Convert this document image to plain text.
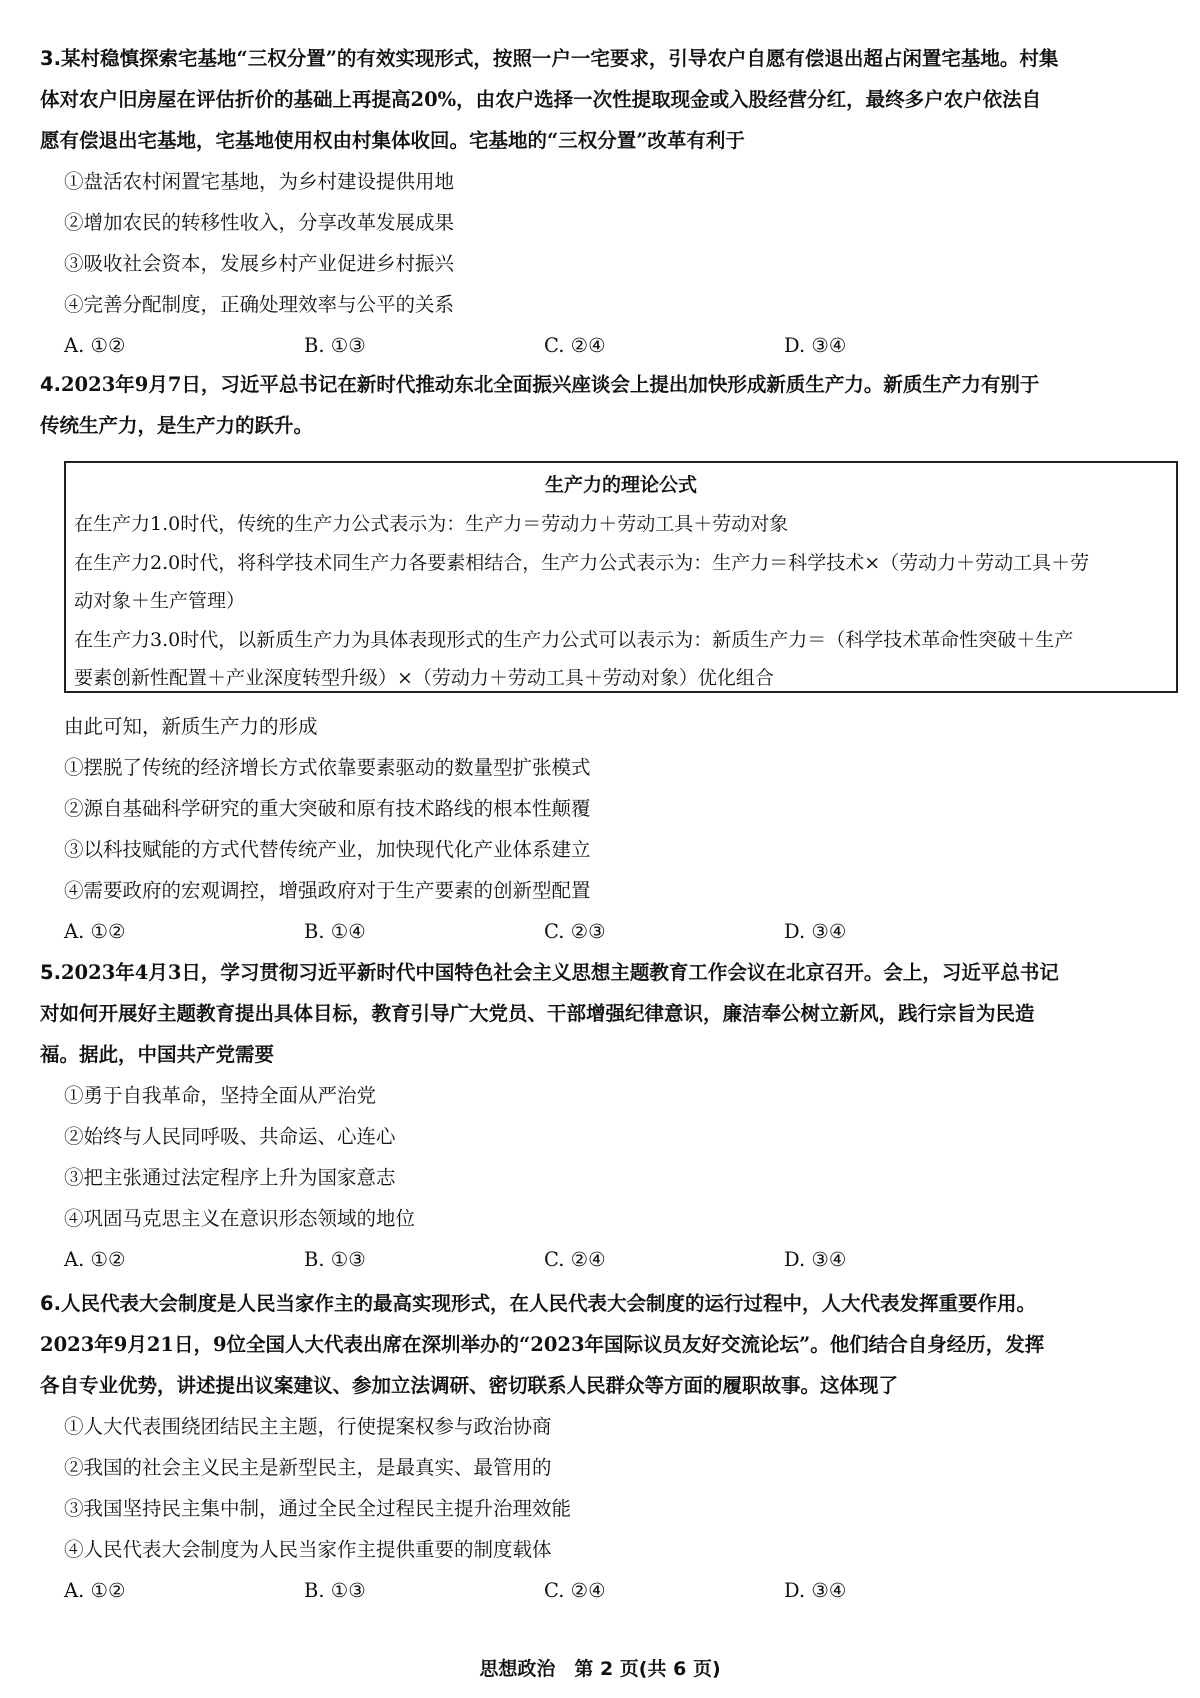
3.某村稳慎探索宅基地“三权分置”的有效实现形式，按照一户一宅要求，引导农户自愿有偿退出超占闲置宅基地。村集
体对农户旧房屋在评估折价的基础上再提高20%，由农户选择一次性提取现金或入股经营分红，最终多户农户依法自
愿有偿退出宅基地，宅基地使用权由村集体收回。宅基地的“三权分置”改革有利于
①盘活农村闲置宅基地，为乡村建设提供用地
②增加农民的转移性收入，分享改革发展成果
③吸收社会资本，发展乡村产业促进乡村振兴
④完善分配制度，正确处理效率与公平的关系
A. ①②	B. ①③	C. ②④	D. ③④
4.2023年9月7日，习近平总书记在新时代推动东北全面振兴座谈会上提出加快形成新质生产力。新质生产力有别于
传统生产力，是生产力的跃升。
生产力的理论公式
在生产力1.0时代，传统的生产力公式表示为：生产力＝劳动力＋劳动工具＋劳动对象
在生产力2.0时代，将科学技术同生产力各要素相结合，生产力公式表示为：生产力＝科学技术×（劳动力＋劳动工具＋劳
动对象＋生产管理）
在生产力3.0时代，以新质生产力为具体表现形式的生产力公式可以表示为：新质生产力＝（科学技术革命性突破＋生产
要素创新性配置＋产业深度转型升级）×（劳动力＋劳动工具＋劳动对象）优化组合
由此可知，新质生产力的形成
①摆脱了传统的经济增长方式依靠要素驱动的数量型扩张模式
②源自基础科学研究的重大突破和原有技术路线的根本性颠覆
③以科技赋能的方式代替传统产业，加快现代化产业体系建立
④需要政府的宏观调控，增强政府对于生产要素的创新型配置
A. ①②	B. ①④	C. ②③	D. ③④
5.2023年4月3日，学习贯彻习近平新时代中国特色社会主义思想主题教育工作会议在北京召开。会上，习近平总书记
对如何开展好主题教育提出具体目标，教育引导广大党员、干部增强纪律意识，廉洁奉公树立新风，践行宗旨为民造
福。据此，中国共产党需要
①勇于自我革命，坚持全面从严治党
②始终与人民同呼吸、共命运、心连心
③把主张通过法定程序上升为国家意志
④巩固马克思主义在意识形态领域的地位
A. ①②	B. ①③	C. ②④	D. ③④
6.人民代表大会制度是人民当家作主的最高实现形式，在人民代表大会制度的运行过程中，人大代表发挥重要作用。
2023年9月21日，9位全国人大代表出席在深圳举办的“2023年国际议员友好交流论坛”。他们结合自身经历，发挥
各自专业优势，讲述提出议案建议、参加立法调研、密切联系人民群众等方面的履职故事。这体现了
①人大代表围绕团结民主主题，行使提案权参与政治协商
②我国的社会主义民主是新型民主，是最真实、最管用的
③我国坚持民主集中制，通过全民全过程民主提升治理效能
④人民代表大会制度为人民当家作主提供重要的制度载体
A. ①②	B. ①③	C. ②④	D. ③④
思想政治　第 2 页(共 6 页)
